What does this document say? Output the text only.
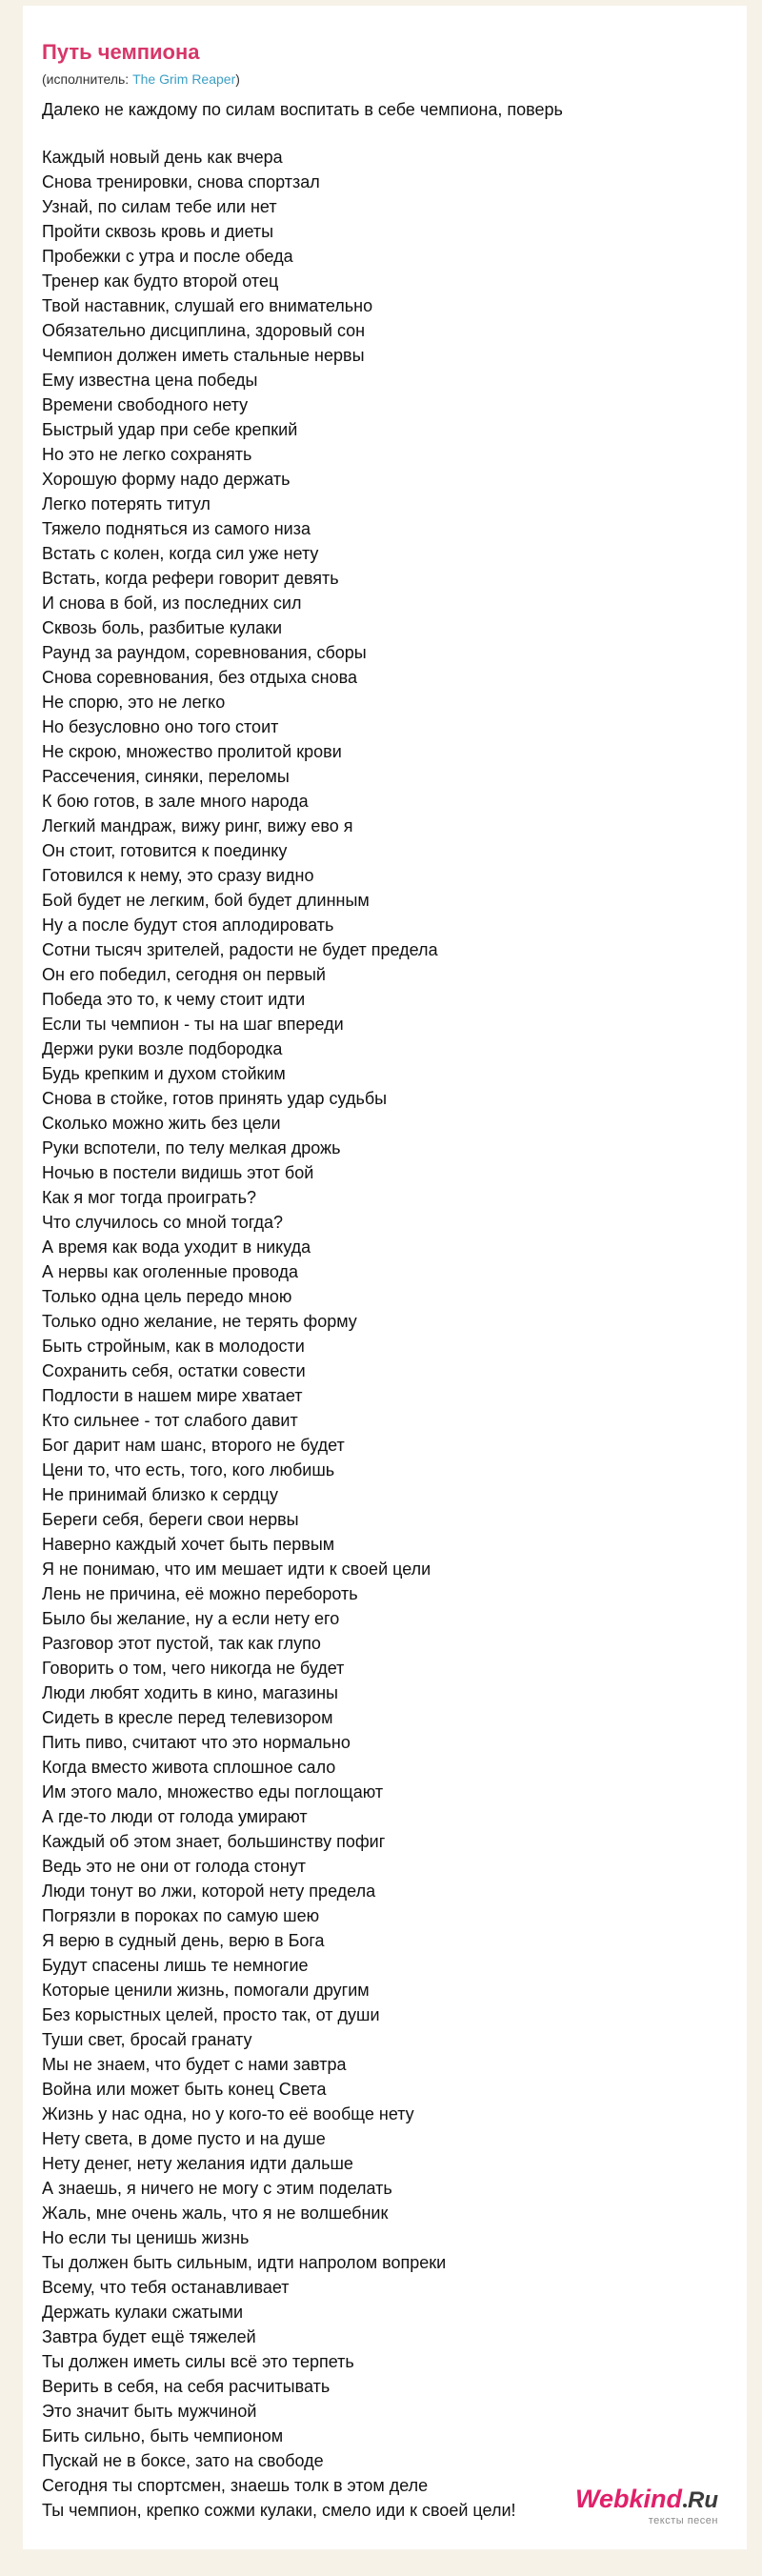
Путь чемпиона
(исполнитель: The Grim Reaper)
Далеко не каждому по силам воспитать в себе чемпиона, поверь
Каждый новый день как вчера
Снова тренировки, снова спортзал
Узнай, по силам тебе или нет
Пройти сквозь кровь и диеты
Пробежки с утра и после обеда
Тренер как будто второй отец
Твой наставник, слушай его внимательно
Обязательно дисциплина, здоровый сон
Чемпион должен иметь стальные нервы
Ему известна цена победы
Времени свободного нету
Быстрый удар при себе крепкий
Но это не легко сохранять
Хорошую форму надо держать
Легко потерять титул
Тяжело подняться из самого низа
Встать с колен, когда сил уже нету
Встать, когда рефери говорит девять
И снова в бой, из последних сил
Сквозь боль, разбитые кулаки
Раунд за раундом, соревнования, сборы
Снова соревнования, без отдыха снова
Не спорю, это не легко
Но безусловно оно того стоит
Не скрою, множество пролитой крови
Рассечения, синяки, переломы
К бою готов, в зале много народа
Легкий мандраж, вижу ринг, вижу ево я
Он стоит, готовится к поединку
Готовился к нему, это сразу видно
Бой будет не легким, бой будет длинным
Ну а после будут стоя аплодировать
Сотни тысяч зрителей, радости не будет предела
Он его победил, сегодня он первый
Победа это то, к чему стоит идти
Если ты чемпион - ты на шаг впереди
Держи руки возле подбородка
Будь крепким и духом стойким
Снова в стойке, готов принять удар судьбы
Сколько можно жить без цели
Руки вспотели, по телу мелкая дрожь
Ночью в постели видишь этот бой
Как я мог тогда проиграть?
Что случилось со мной тогда?
А время как вода уходит в никуда
А нервы как оголенные провода
Только одна цель передо мною
Только одно желание, не терять форму
Быть стройным, как в молодости
Сохранить себя, остатки совести
Подлости в нашем мире хватает
Кто сильнее - тот слабого давит
Бог дарит нам шанс, второго не будет
Цени то, что есть, того, кого любишь
Не принимай близко к сердцу
Береги себя, береги свои нервы
Наверно каждый хочет быть первым
Я не понимаю, что им мешает идти к своей цели
Лень не причина, её можно перебороть
Было бы желание, ну а если нету его
Разговор этот пустой, так как глупо
Говорить о том, чего никогда не будет
Люди любят ходить в кино, магазины
Сидеть в кресле перед телевизором
Пить пиво, считают что это нормально
Когда вместо живота сплошное сало
Им этого мало, множество еды поглощают
А где-то люди от голода умирают
Каждый об этом знает, большинству пофиг
Ведь это не они от голода стонут
Люди тонут во лжи, которой нету предела
Погрязли в пороках по самую шею
Я верю в судный день, верю в Бога
Будут спасены лишь те немногие
Которые ценили жизнь, помогали другим
Без корыстных целей, просто так, от души
Туши свет, бросай гранату
Мы не знаем, что будет с нами завтра
Война или может быть конец Света
Жизнь у нас одна, но у кого-то её вообще нету
Нету света, в доме пусто и на душе
Нету денег, нету желания идти дальше
А знаешь, я ничего не могу с этим поделать
Жаль, мне очень жаль, что я не волшебник
Но если ты ценишь жизнь
Ты должен быть сильным, идти напролом вопреки
Всему, что тебя останавливает
Держать кулаки сжатыми
Завтра будет ещё тяжелей
Ты должен иметь силы всё это терпеть
Верить в себя, на себя расчитывать
Это значит быть мужчиной
Бить сильно, быть чемпионом
Пускай не в боксе, зато на свободе
Сегодня ты спортсмен, знаешь толк в этом деле
Ты чемпион, крепко сожми кулаки, смело иди к своей цели!	Webkind Ru
тексты песен
